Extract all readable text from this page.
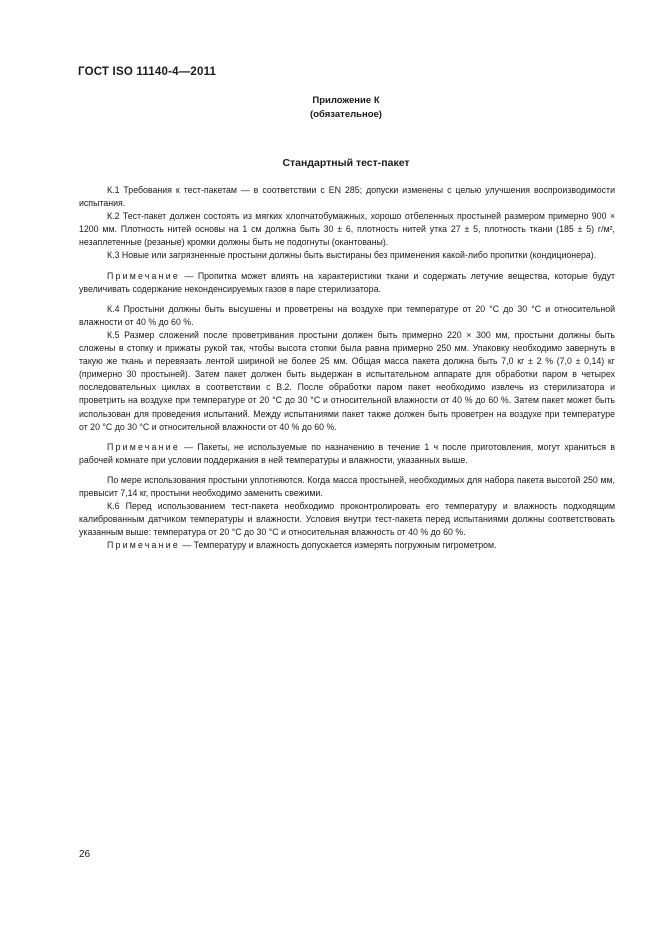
ГОСТ ISO 11140-4—2011
Приложение К
(обязательное)
Стандартный тест-пакет

К.1 Требования к тест-пакетам — в соответствии с EN 285; допуски изменены с целью улучшения воспроизводимости испытания.

К.2 Тест-пакет должен состоять из мягких хлопчатобумажных, хорошо отбеленных простыней размером примерно 900 × 1200 мм. Плотность нитей основы на 1 см должна быть 30 ± 6, плотность нитей утка 27 ± 5, плотность ткани (185 ± 5) г/м², незаплетенные (резаные) кромки должны быть не подогнуты (окантованы).

К.3 Новые или загрязненные простыни должны быть выстираны без применения какой-либо пропитки (кондиционера).

Примечание — Пропитка может влиять на характеристики ткани и содержать летучие вещества, которые будут увеличивать содержание неконденсируемых газов в паре стерилизатора.

К.4 Простыни должны быть высушены и проветрены на воздухе при температуре от 20 °С до 30 °С и относительной влажности от 40 % до 60 %.

К.5 Размер сложений после проветривания простыни должен быть примерно 220 × 300 мм, простыни должны быть сложены в стопку и прижаты рукой так, чтобы высота стопки была равна примерно 250 мм. Упаковку необходимо завернуть в такую же ткань и перевязать лентой шириной не более 25 мм. Общая масса пакета должна быть 7,0 кг ± 2 % (7,0 ± 0,14) кг (примерно 30 простыней). Затем пакет должен быть выдержан в испытательном аппарате для обработки паром в четырех последовательных циклах в соответствии с В.2. После обработки паром пакет необходимо извлечь из стерилизатора и проветрить на воздухе при температуре от 20 °С до 30 °С и относительной влажности от 40 % до 60 %. Затем пакет может быть использован для проведения испытаний. Между испытаниями пакет также должен быть проветрен на воздухе при температуре от 20 °С до 30 °С и относительной влажности от 40 % до 60 %.

Примечание — Пакеты, не используемые по назначению в течение 1 ч после приготовления, могут храниться в рабочей комнате при условии поддержания в ней температуры и влажности, указанных выше.

По мере использования простыни уплотняются. Когда масса простыней, необходимых для набора пакета высотой 250 мм, превысит 7,14 кг, простыни необходимо заменить свежими.

К.6 Перед использованием тест-пакета необходимо проконтролировать его температуру и влажность подходящим калиброванным датчиком температуры и влажности. Условия внутри тест-пакета перед испытаниями должны соответствовать указанным выше: температура от 20 °С до 30 °С и относительная влажность от 40 % до 60 %.

Примечание — Температуру и влажность допускается измерять погружным гигрометром.

26
